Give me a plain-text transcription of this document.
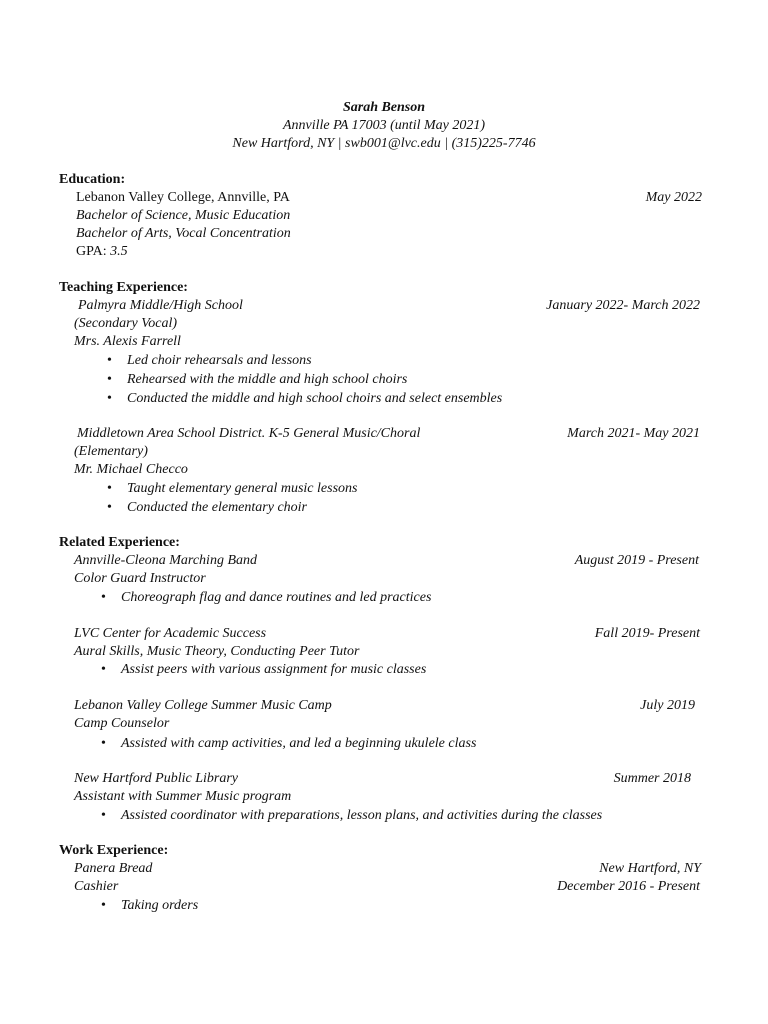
Sarah Benson
Annville PA 17003 (until May 2021)
New Hartford, NY | swb001@lvc.edu | (315)225-7746
Education:
Lebanon Valley College, Annville, PA	May 2022
Bachelor of Science, Music Education
Bachelor of Arts, Vocal Concentration
GPA: 3.5
Teaching Experience:
Palmyra Middle/High School	January 2022- March 2022
(Secondary Vocal)
Mrs. Alexis Farrell
• Led choir rehearsals and lessons
• Rehearsed with the middle and high school choirs
• Conducted the middle and high school choirs and select ensembles
Middletown Area School District. K-5 General Music/Choral	March 2021- May 2021
(Elementary)
Mr. Michael Checco
• Taught elementary general music lessons
• Conducted the elementary choir
Related Experience:
Annville-Cleona Marching Band	August 2019 - Present
Color Guard Instructor
• Choreograph flag and dance routines and led practices
LVC Center for Academic Success	Fall 2019- Present
Aural Skills, Music Theory, Conducting Peer Tutor
• Assist peers with various assignment for music classes
Lebanon Valley College Summer Music Camp	July 2019
Camp Counselor
• Assisted with camp activities, and led a beginning ukulele class
New Hartford Public Library	Summer 2018
Assistant with Summer Music program
• Assisted coordinator with preparations, lesson plans, and activities during the classes
Work Experience:
Panera Bread	New Hartford, NY
Cashier	December 2016 - Present
• Taking orders
